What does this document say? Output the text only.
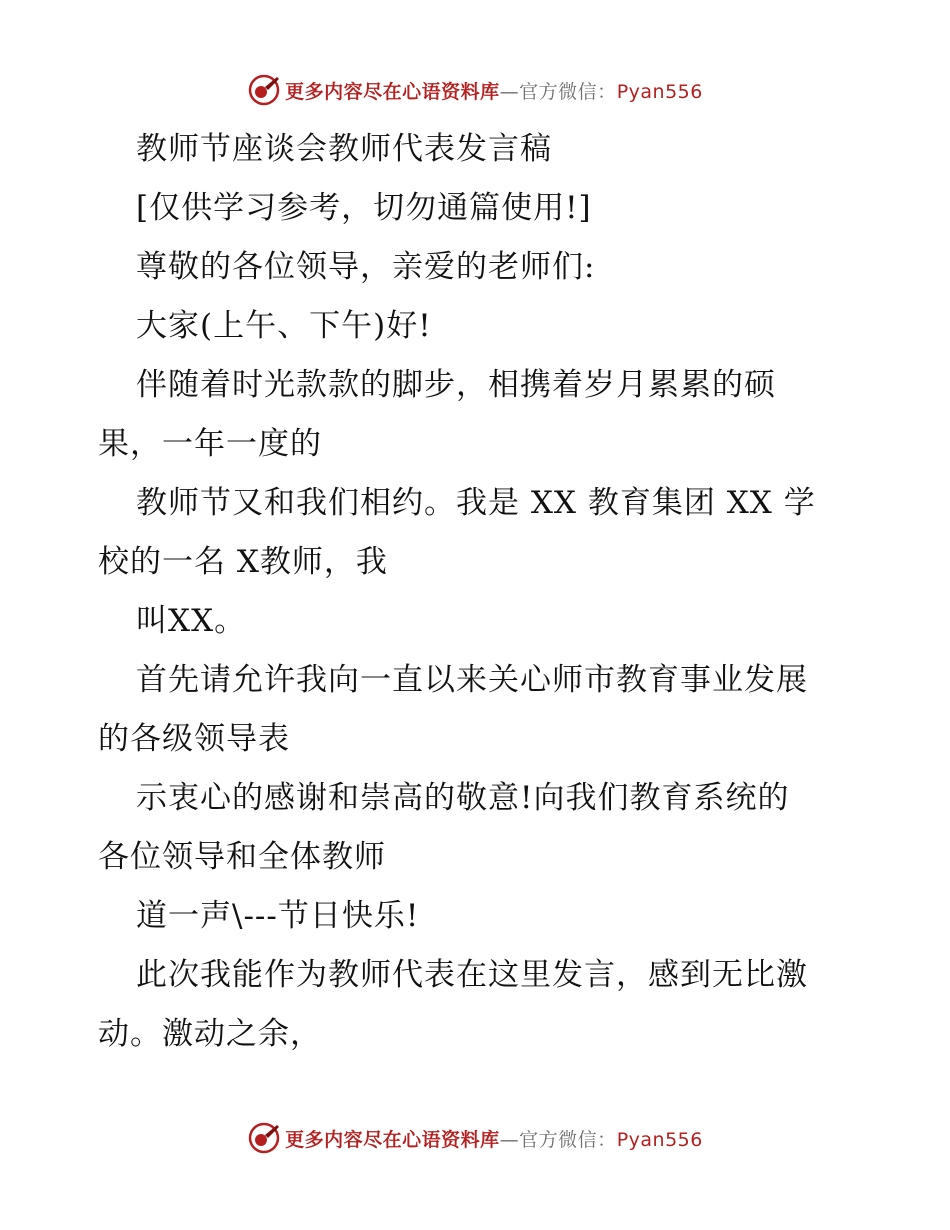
更多内容尽在心语资料库—官方微信：Pyan556

教师节座谈会教师代表发言稿

[仅供学习参考，切勿通篇使用!]

尊敬的各位领导，亲爱的老师们:

大家(上午、下午)好!

伴随着时光款款的脚步，相携着岁月累累的硕

果，一年一度的

教师节又和我们相约。我是 XX 教育集团 XX 学

校的一名 X教师，我

叫XX。

首先请允许我向一直以来关心师市教育事业发展

的各级领导表

示衷心的感谢和崇高的敬意!向我们教育系统的

各位领导和全体教师

道一声\---节日快乐!

此次我能作为教师代表在这里发言，感到无比激

动。激动之余，

更多内容尽在心语资料库—官方微信：Pyan556
